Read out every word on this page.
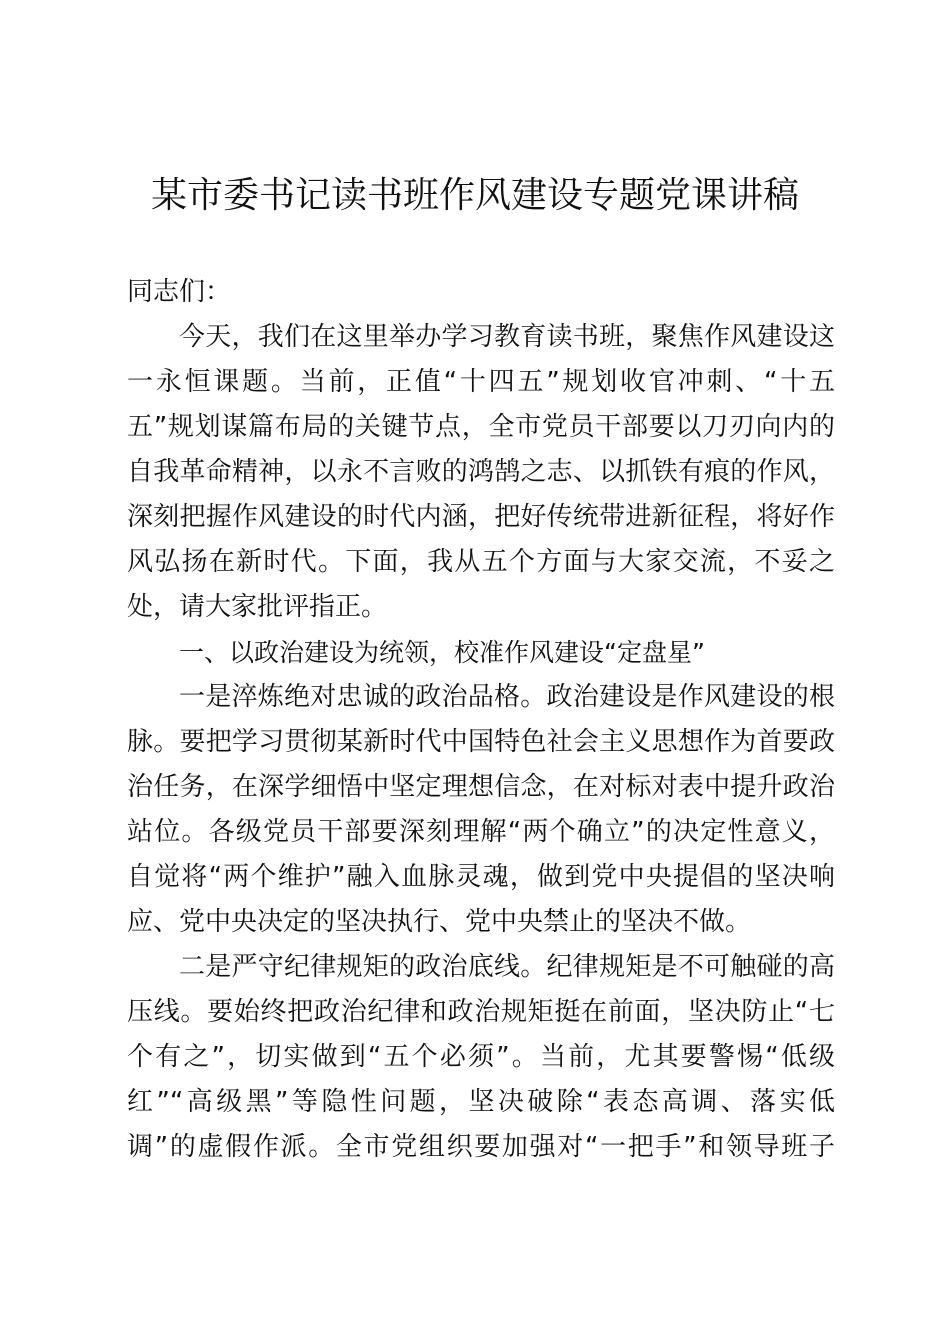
某市委书记读书班作风建设专题党课讲稿
同志们：
今天，我们在这里举办学习教育读书班，聚焦作风建设这
一永恒课题。当前，正值“十四五”规划收官冲刺、“十五
五”规划谋篇布局的关键节点，全市党员干部要以刀刃向内的
自我革命精神，以永不言败的鸿鹄之志、以抓铁有痕的作风，
深刻把握作风建设的时代内涵，把好传统带进新征程，将好作
风弘扬在新时代。下面，我从五个方面与大家交流，不妥之
处，请大家批评指正。
一、以政治建设为统领，校准作风建设“定盘星”
一是淬炼绝对忠诚的政治品格。政治建设是作风建设的根
脉。要把学习贯彻某新时代中国特色社会主义思想作为首要政
治任务，在深学细悟中坚定理想信念，在对标对表中提升政治
站位。各级党员干部要深刻理解“两个确立”的决定性意义，
自觉将“两个维护”融入血脉灵魂，做到党中央提倡的坚决响
应、党中央决定的坚决执行、党中央禁止的坚决不做。
二是严守纪律规矩的政治底线。纪律规矩是不可触碰的高
压线。要始终把政治纪律和政治规矩挺在前面，坚决防止“七
个有之”，切实做到“五个必须”。当前，尤其要警惕“低级
红”“高级黑”等隐性问题，坚决破除“表态高调、落实低
调”的虚假作派。全市党组织要加强对“一把手”和领导班子
